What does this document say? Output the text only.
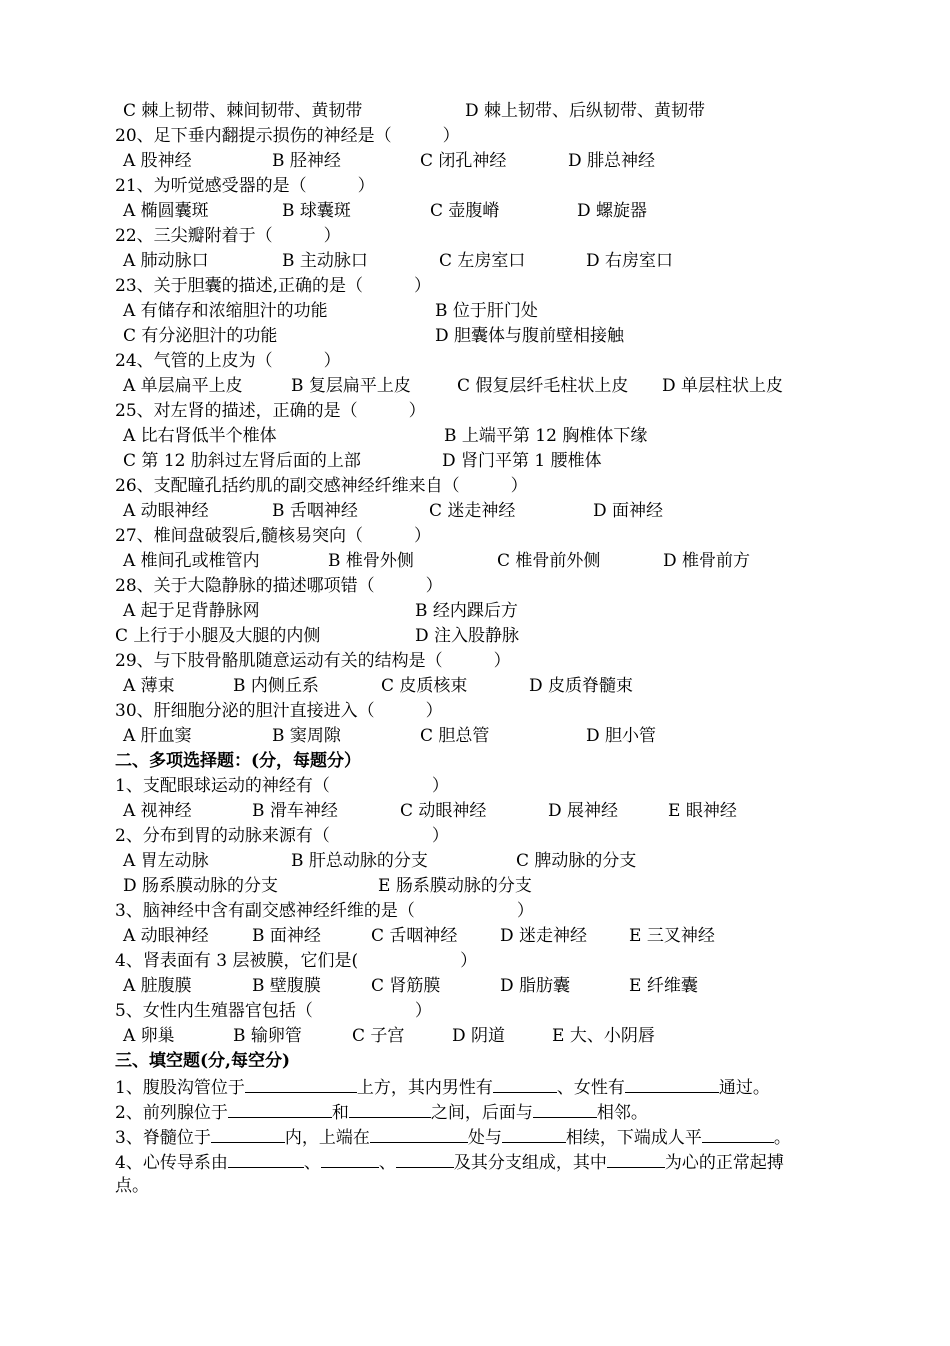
C 棘上韧带、棘间韧带、黄韧带	D 棘上韧带、后纵韧带、黄韧带
20、足下垂内翻提示损伤的神经是（　　　）
A 股神经	B 胫神经	C 闭孔神经	D 腓总神经
21、为听觉感受器的是（　　　）
A 椭圆囊斑	B 球囊斑	C 壶腹嵴	D 螺旋器
22、三尖瓣附着于（　　　）
A 肺动脉口	B 主动脉口	C 左房室口	D 右房室口
23、关于胆囊的描述,正确的是（　　　）
A 有储存和浓缩胆汁的功能	B 位于肝门处
C 有分泌胆汁的功能	D 胆囊体与腹前壁相接触
24、气管的上皮为（　　　）
A 单层扁平上皮	B 复层扁平上皮	C 假复层纤毛柱状上皮 D 单层柱状上皮
25、对左肾的描述，正确的是（　　　）
A 比右肾低半个椎体	B 上端平第 12 胸椎体下缘
C 第 12 肋斜过左肾后面的上部	D 肾门平第 1 腰椎体
26、支配瞳孔括约肌的副交感神经纤维来自（　　　）
A 动眼神经	B 舌咽神经	C 迷走神经	D 面神经
27、椎间盘破裂后,髓核易突向（　　　）
A 椎间孔或椎管内	B 椎骨外侧	C 椎骨前外侧	D 椎骨前方
28、关于大隐静脉的描述哪项错（　　　）
A 起于足背静脉网	B 经内踝后方
C 上行于小腿及大腿的内侧	D 注入股静脉
29、与下肢骨骼肌随意运动有关的结构是（　　　）
A 薄束	B 内侧丘系	C 皮质核束	D 皮质脊髓束
30、肝细胞分泌的胆汁直接进入（　　　）
A 肝血窦	B 窦周隙	C 胆总管	D 胆小管
二、多项选择题：(分，每题分）
1、支配眼球运动的神经有（　　　　　　）
A 视神经	B 滑车神经	C 动眼神经	D 展神经	E 眼神经
2、分布到胃的动脉来源有（　　　　　　）
A 胃左动脉	B 肝总动脉的分支	C 脾动脉的分支
D 肠系膜动脉的分支	E 肠系膜动脉的分支
3、脑神经中含有副交感神经纤维的是（　　　　　　）
A 动眼神经	B 面神经	C 舌咽神经	D 迷走神经 E 三叉神经
4、肾表面有 3 层被膜，它们是(　　　　　　）
A 脏腹膜	B 壁腹膜	C 肾筋膜	D 脂肪囊	E 纤维囊
5、女性内生殖器官包括（　　　　　　）
A 卵巢	B 输卵管	C 子宫	D 阴道	E 大、小阴唇
三、填空题(分,每空分)
1、腹股沟管位于	上方，其内男性有	、女性有	通过。
2、前列腺位于	和	之间，后面与	相邻。
3、脊髓位于	内，上端在	处与	相续，下端成人平	。
4、心传导系由	、	、	及其分支组成，其中	为心的正常起搏
点。
